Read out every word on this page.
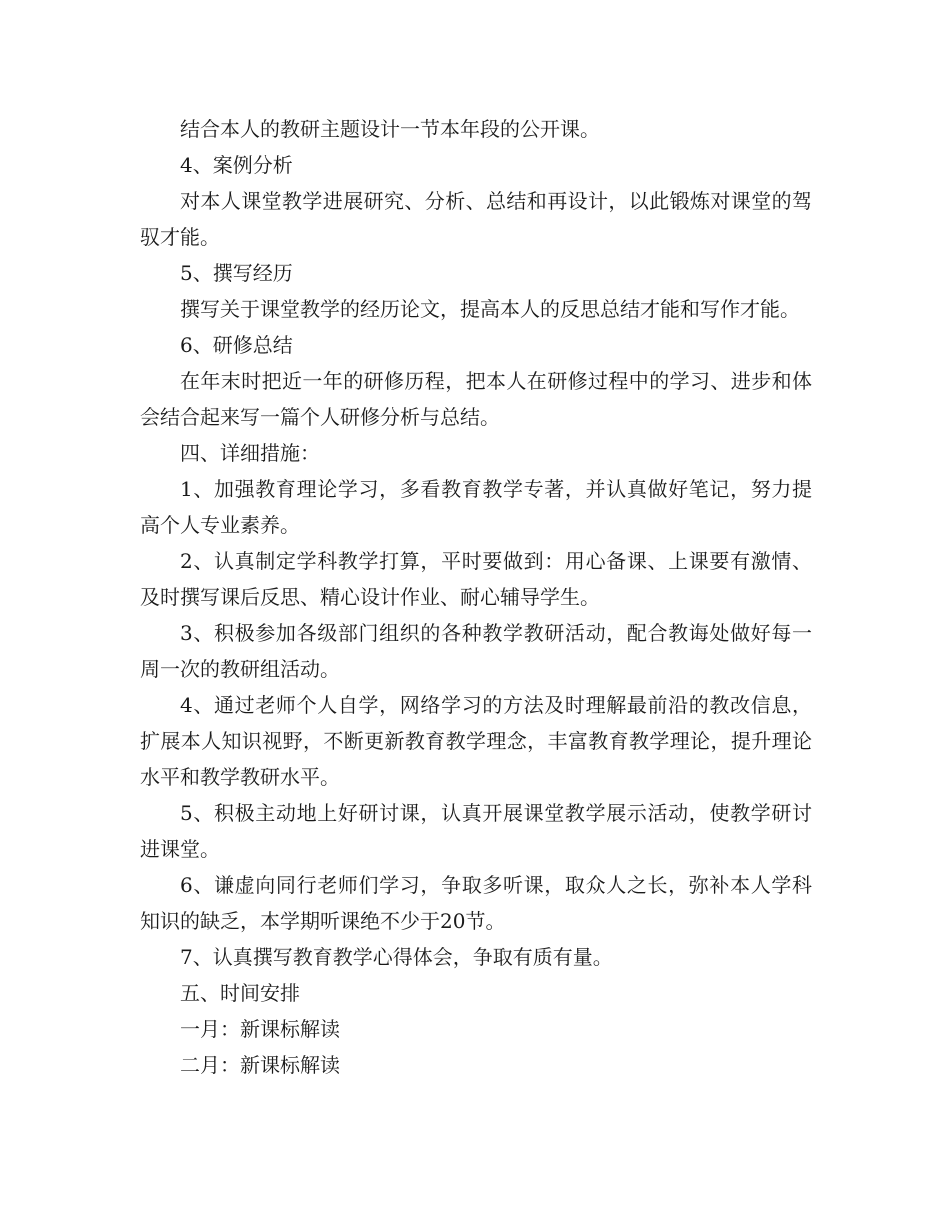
结合本人的教研主题设计一节本年段的公开课。

4、案例分析

对本人课堂教学进展研究、分析、总结和再设计，以此锻炼对课堂的驾驭才能。

5、撰写经历

撰写关于课堂教学的经历论文，提高本人的反思总结才能和写作才能。

6、研修总结

在年末时把近一年的研修历程，把本人在研修过程中的学习、进步和体会结合起来写一篇个人研修分析与总结。

四、详细措施：

1、加强教育理论学习，多看教育教学专著，并认真做好笔记，努力提高个人专业素养。

2、认真制定学科教学打算，平时要做到：用心备课、上课要有激情、及时撰写课后反思、精心设计作业、耐心辅导学生。

3、积极参加各级部门组织的各种教学教研活动，配合教诲处做好每一周一次的教研组活动。

4、通过老师个人自学，网络学习的方法及时理解最前沿的教改信息，扩展本人知识视野，不断更新教育教学理念，丰富教育教学理论，提升理论水平和教学教研水平。

5、积极主动地上好研讨课，认真开展课堂教学展示活动，使教学研讨进课堂。

6、谦虚向同行老师们学习，争取多听课，取众人之长，弥补本人学科知识的缺乏，本学期听课绝不少于20节。

7、认真撰写教育教学心得体会，争取有质有量。

五、时间安排

一月：新课标解读

二月：新课标解读
